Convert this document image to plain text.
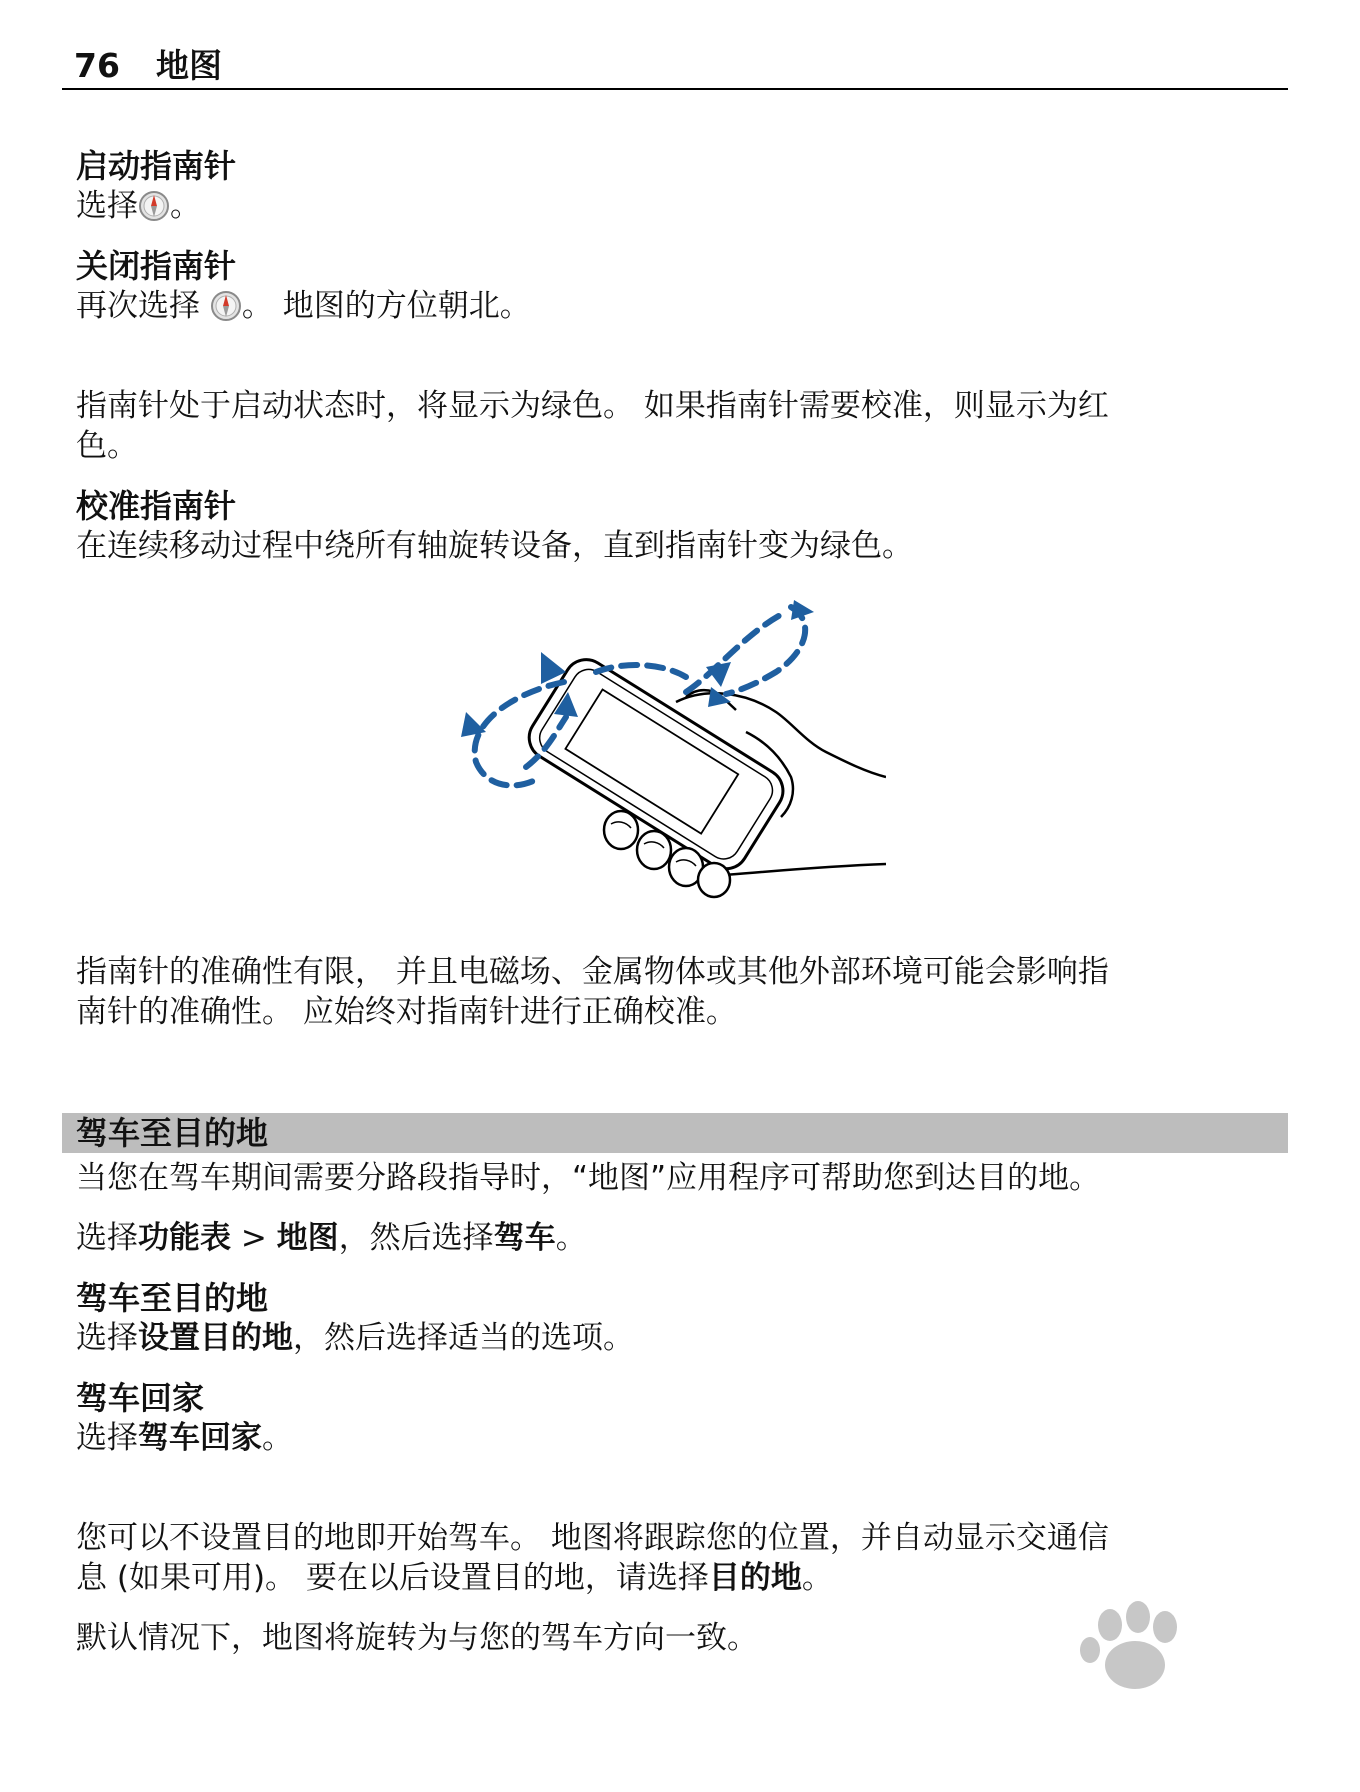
76 地图

启动指南针

选择 。

关闭指南针

再次选择 。 地图的方位朝北。

指南针处于启动状态时，将显示为绿色。 如果指南针需要校准，则显示为红
色。

校准指南针

在连续移动过程中绕所有轴旋转设备，直到指南针变为绿色。

指南针的准确性有限， 并且电磁场、金属物体或其他外部环境可能会影响指
南针的准确性。 应始终对指南针进行正确校准。

驾车至目的地

当您在驾车期间需要分路段指导时，“地图”应用程序可帮助您到达目的地。

选择功能表 > 地图，然后选择驾车。

驾车至目的地

选择设置目的地，然后选择适当的选项。

驾车回家

选择驾车回家。

您可以不设置目的地即开始驾车。 地图将跟踪您的位置，并自动显示交通信
息 (如果可用)。 要在以后设置目的地，请选择目的地。

默认情况下，地图将旋转为与您的驾车方向一致。
